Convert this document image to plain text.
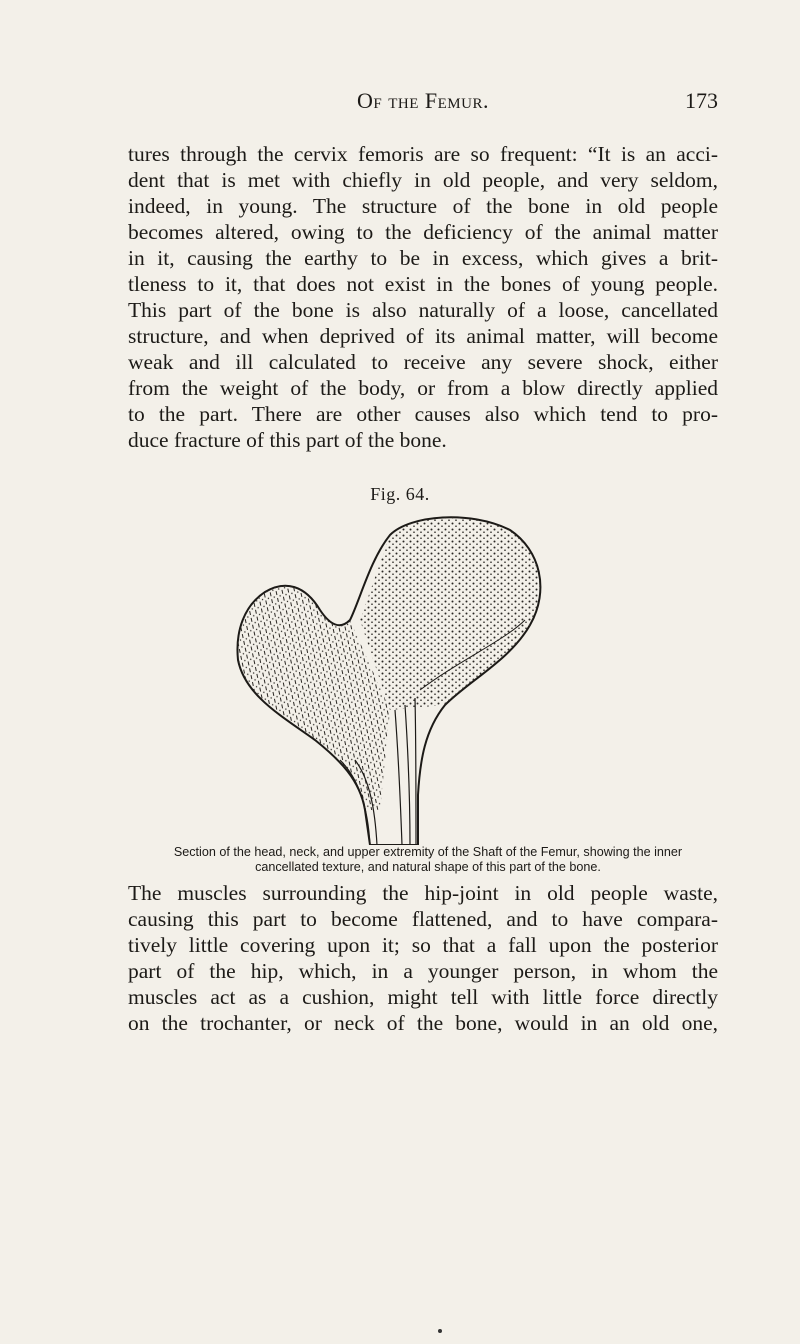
Of the Femur.	173
tures through the cervix femoris are so frequent: “It is an acci-
dent that is met with chiefly in old people, and very seldom,
indeed, in young. The structure of the bone in old people
becomes altered, owing to the deficiency of the animal matter
in it, causing the earthy to be in excess, which gives a brit-
tleness to it, that does not exist in the bones of young people.
This part of the bone is also naturally of a loose, cancellated
structure, and when deprived of its animal matter, will become
weak and ill calculated to receive any severe shock, either
from the weight of the body, or from a blow directly applied
to the part. There are other causes also which tend to pro-
duce fracture of this part of the bone.
Fig. 64.
Section of the head, neck, and upper extremity of the Shaft of the Femur, showing the inner
cancellated texture, and natural shape of this part of the bone.
The muscles surrounding the hip-joint in old people waste,
causing this part to become flattened, and to have compara-
tively little covering upon it; so that a fall upon the posterior
part of the hip, which, in a younger person, in whom the
muscles act as a cushion, might tell with little force directly
on the trochanter, or neck of the bone, would in an old one,
